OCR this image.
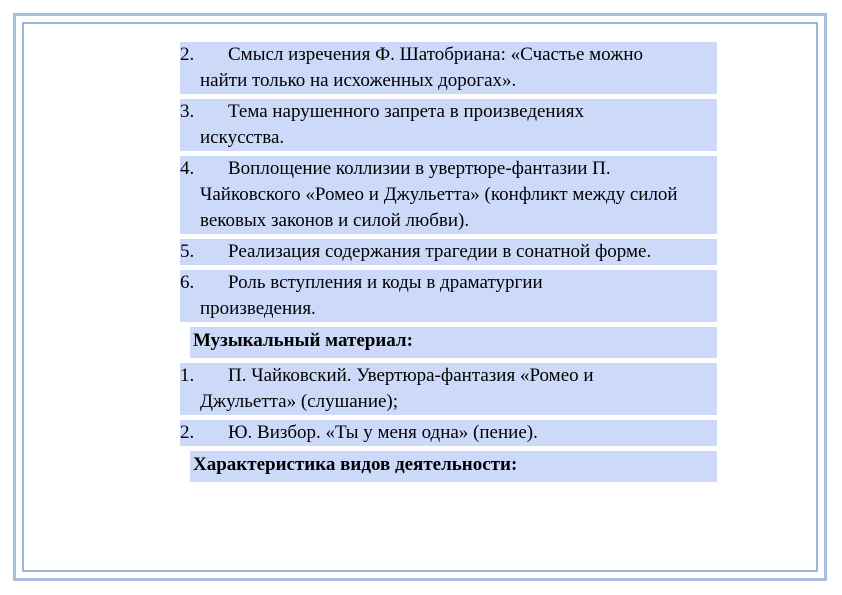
2.	Смысл изречения Ф. Шатобриана: «Счастье можно
найти только на исхоженных дорогах».
3.	Тема нарушенного запрета в произведениях
искусства.
4.	Воплощение коллизии в увертюре-фантазии П.
Чайковского «Ромео и Джульетта» (конфликт между силой вековых законов и силой любви).
5.	Реализация содержания трагедии в сонатной форме.
6.	Роль вступления и коды в драматургии
произведения.
Музыкальный материал:
1.	П. Чайковский. Увертюра-фантазия «Ромео и
Джульетта» (слушание);
2.	Ю. Визбор. «Ты у меня одна» (пение).
Характеристика видов деятельности:
